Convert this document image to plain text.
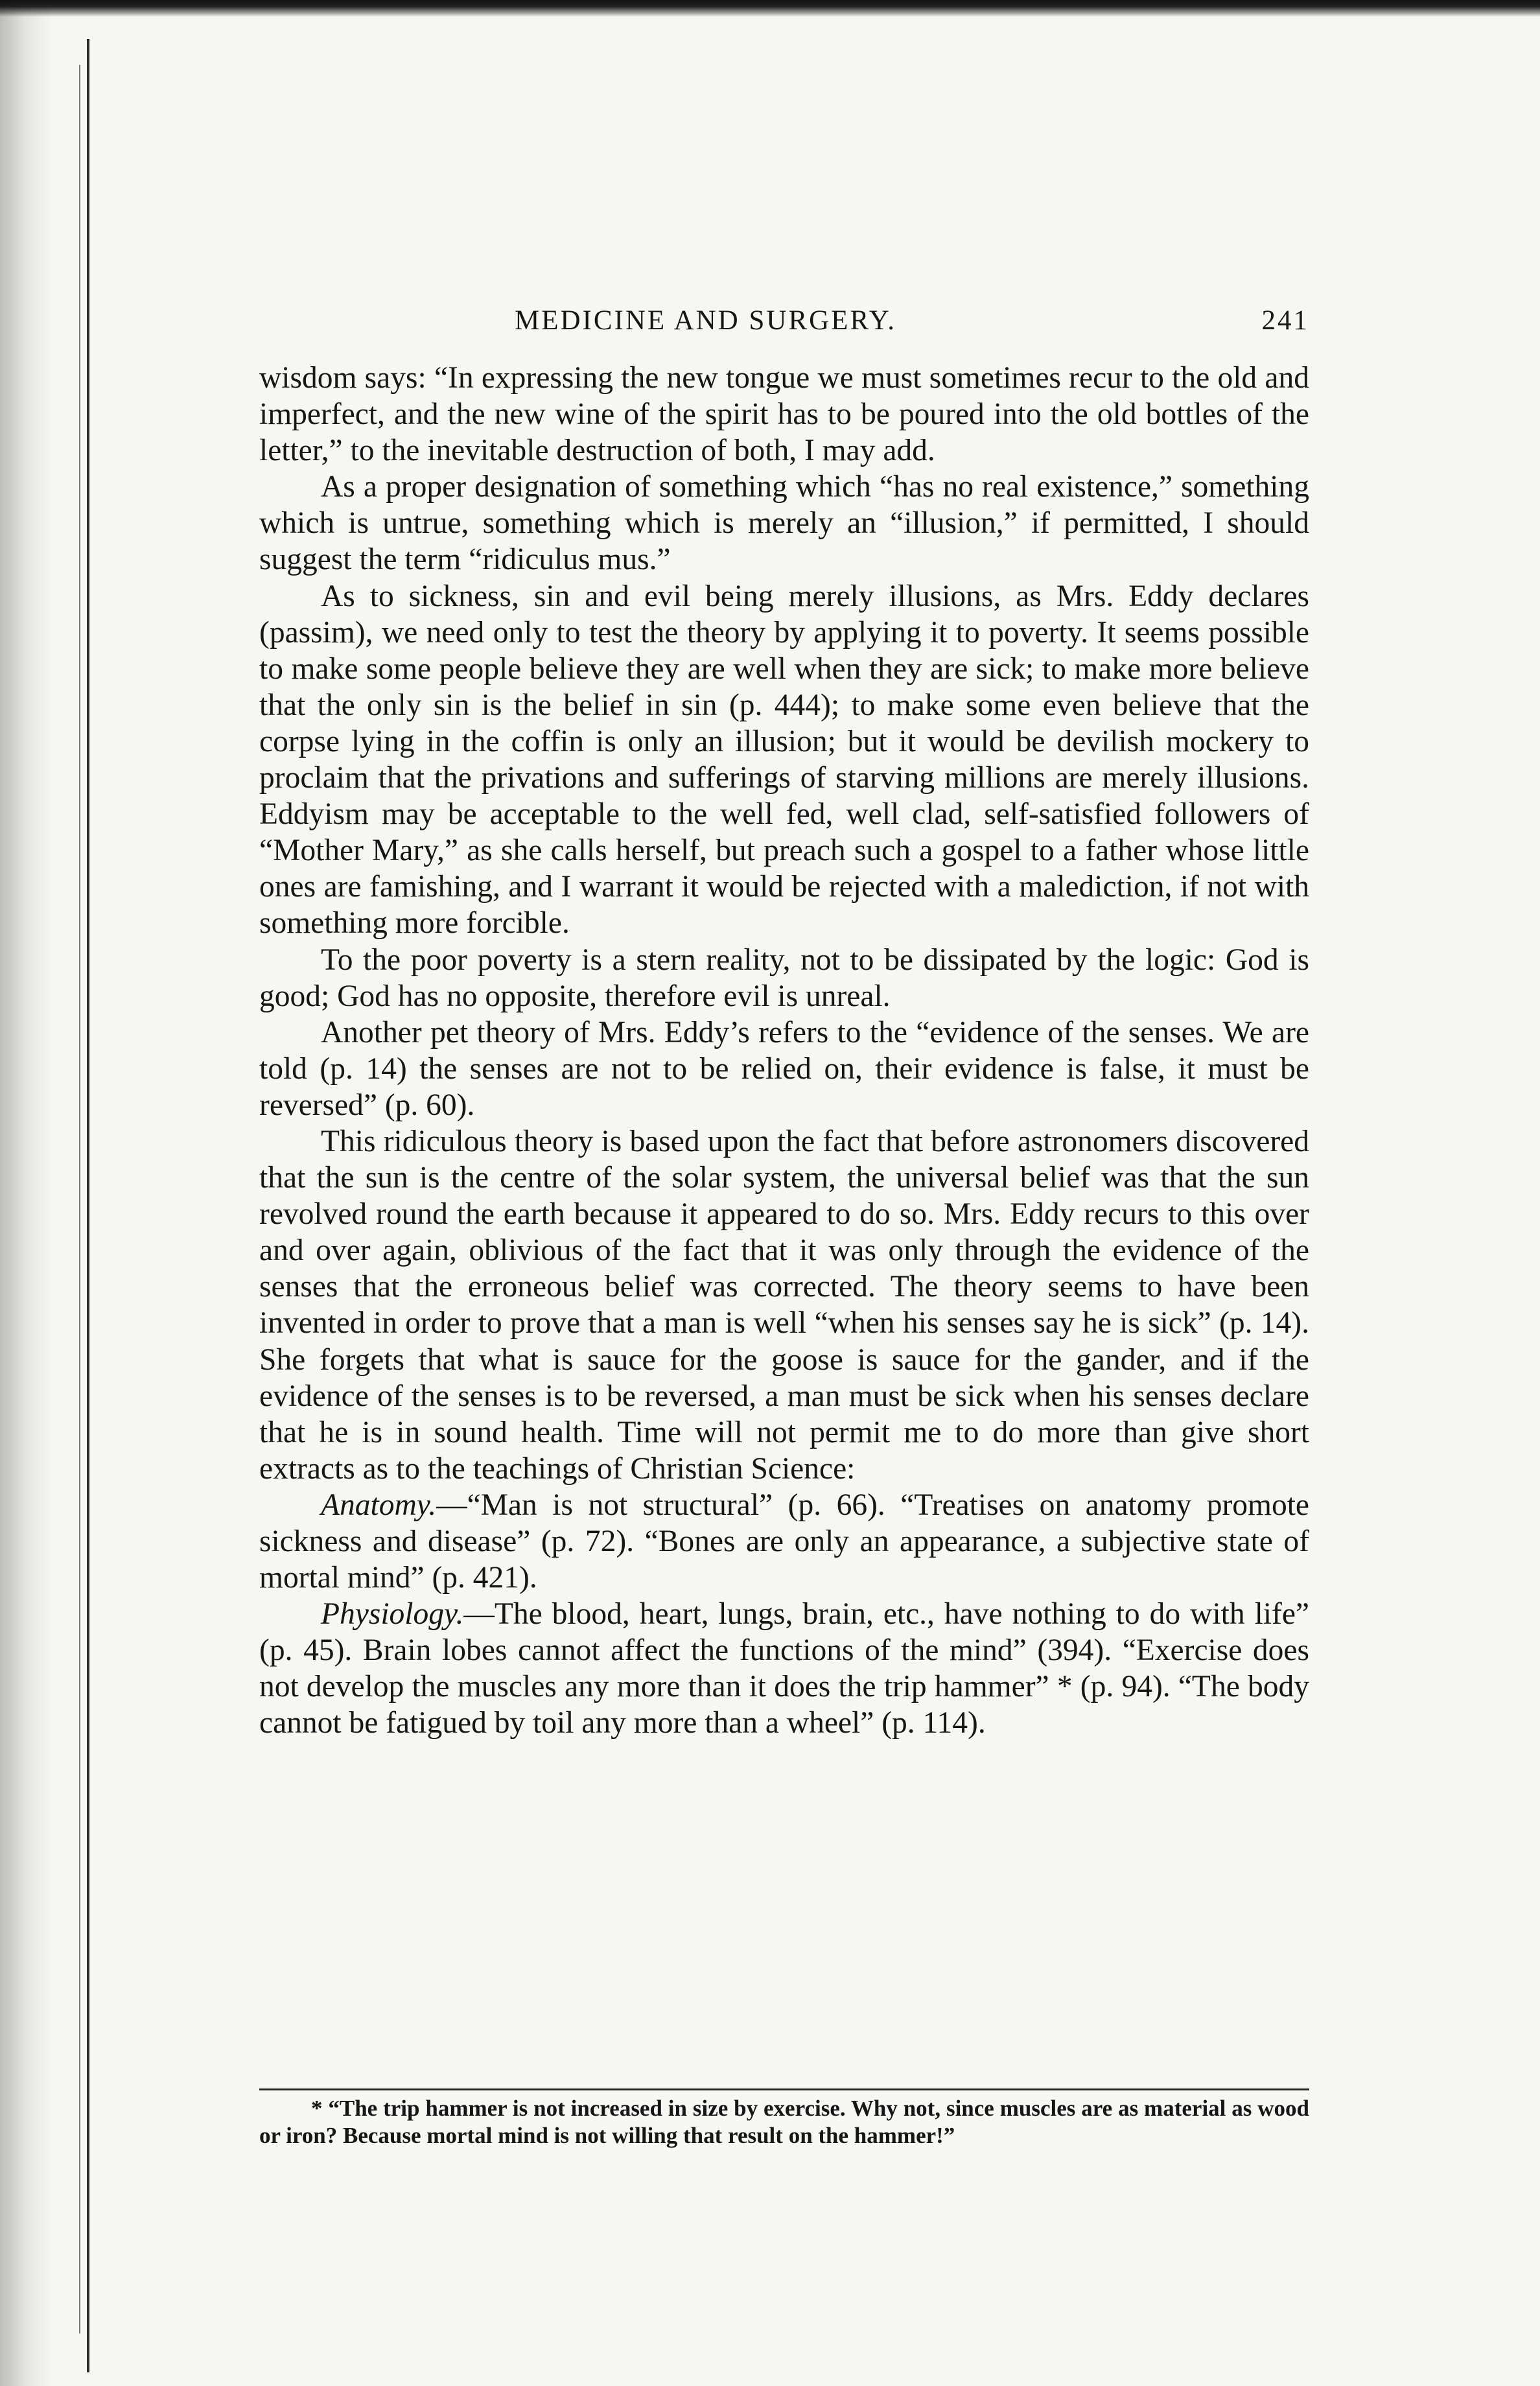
MEDICINE AND SURGERY.	241

wisdom says: “In expressing the new tongue we must sometimes recur to the old and imperfect, and the new wine of the spirit has to be poured into the old bottles of the letter,” to the inevitable destruction of both, I may add.

As a proper designation of something which “has no real existence,” something which is untrue, something which is merely an “illusion,” if permitted, I should suggest the term “ridiculus mus.”

As to sickness, sin and evil being merely illusions, as Mrs. Eddy declares (passim), we need only to test the theory by applying it to poverty. It seems possible to make some people believe they are well when they are sick; to make more believe that the only sin is the belief in sin (p. 444); to make some even believe that the corpse lying in the coffin is only an illusion; but it would be devilish mockery to proclaim that the privations and sufferings of starving millions are merely illusions. Eddyism may be acceptable to the well fed, well clad, self-satisfied followers of “Mother Mary,” as she calls herself, but preach such a gospel to a father whose little ones are famishing, and I warrant it would be rejected with a malediction, if not with something more forcible.

To the poor poverty is a stern reality, not to be dissipated by the logic: God is good; God has no opposite, therefore evil is unreal.

Another pet theory of Mrs. Eddy’s refers to the “evidence of the senses. We are told (p. 14) the senses are not to be relied on, their evidence is false, it must be reversed” (p. 60).

This ridiculous theory is based upon the fact that before astronomers discovered that the sun is the centre of the solar system, the universal belief was that the sun revolved round the earth because it appeared to do so. Mrs. Eddy recurs to this over and over again, oblivious of the fact that it was only through the evidence of the senses that the erroneous belief was corrected. The theory seems to have been invented in order to prove that a man is well “when his senses say he is sick” (p. 14). She forgets that what is sauce for the goose is sauce for the gander, and if the evidence of the senses is to be reversed, a man must be sick when his senses declare that he is in sound health. Time will not permit me to do more than give short extracts as to the teachings of Christian Science:

Anatomy.—“Man is not structural” (p. 66). “Treatises on anatomy promote sickness and disease” (p. 72). “Bones are only an appearance, a subjective state of mortal mind” (p. 421).

Physiology.—The blood, heart, lungs, brain, etc., have nothing to do with life” (p. 45). Brain lobes cannot affect the functions of the mind” (394). “Exercise does not develop the muscles any more than it does the trip hammer” * (p. 94). “The body cannot be fatigued by toil any more than a wheel” (p. 114).

* “The trip hammer is not increased in size by exercise. Why not, since muscles are as material as wood or iron? Because mortal mind is not willing that result on the hammer!”
